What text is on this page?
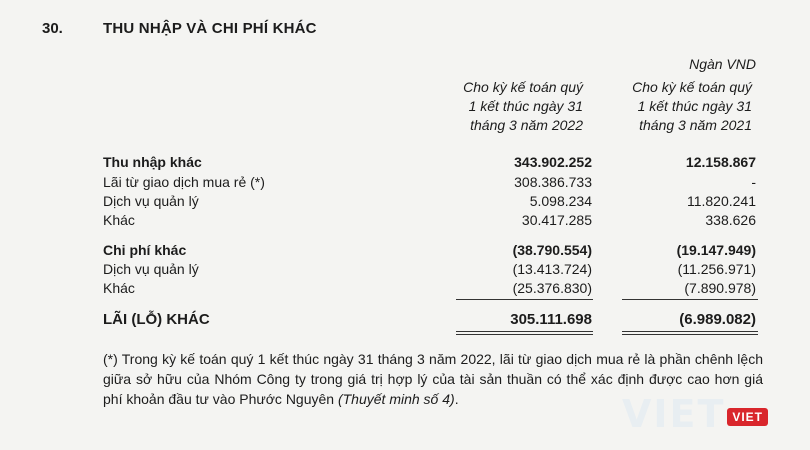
30.	THU NHẬP VÀ CHI PHÍ KHÁC
Ngàn VND
Cho kỳ kế toán quý
1 kết thúc ngày 31
tháng 3 năm 2022
Cho kỳ kế toán quý
1 kết thúc ngày 31
tháng 3 năm 2021
Thu nhập khác	343.902.252	12.158.867
Lãi từ giao dịch mua rẻ (*)	308.386.733	-
Dịch vụ quản lý	5.098.234	11.820.241
Khác	30.417.285	338.626
Chi phí khác	(38.790.554)	(19.147.949)
Dịch vụ quản lý	(13.413.724)	(11.256.971)
Khác	(25.376.830)	(7.890.978)
LÃI (LỖ) KHÁC	305.111.698	(6.989.082)
(*) Trong kỳ kế toán quý 1 kết thúc ngày 31 tháng 3 năm 2022, lãi từ giao dịch mua rẻ là phần chênh lệch giữa sở hữu của Nhóm Công ty trong giá trị hợp lý của tài sản thuần có thể xác định được cao hơn giá phí khoản đầu tư vào Phước Nguyên (Thuyết minh số 4).	VIET VIET
